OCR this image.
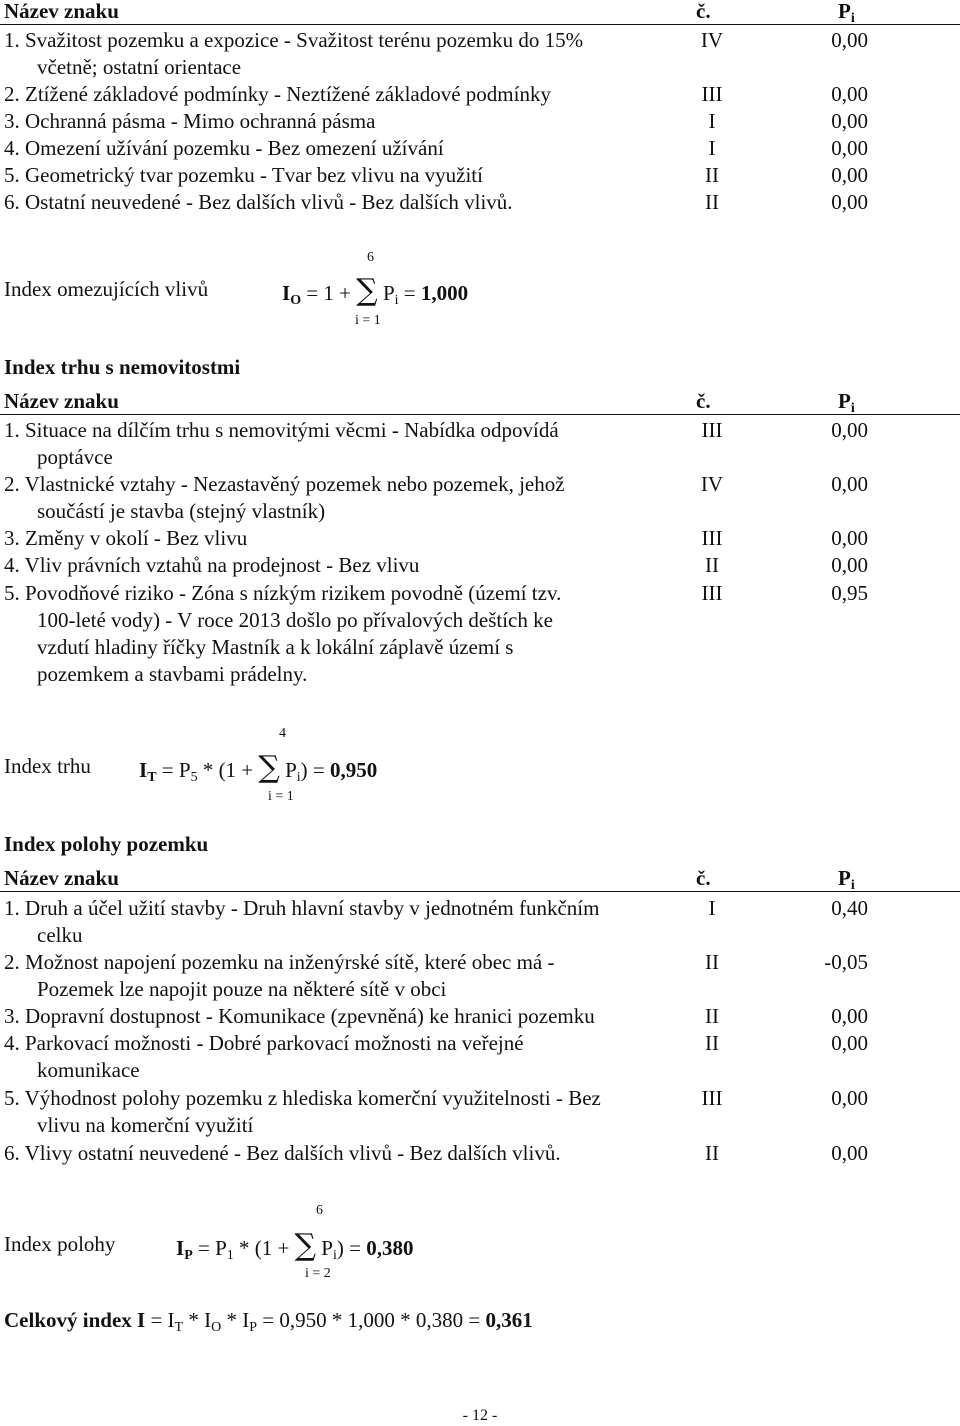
Název znaku	č.	$P_i$
1. Svažitost pozemku a expozice - Svažitost terénu pozemku do 15%	IV	0,00
včetně; ostatní orientace
2. Ztížené základové podmínky - Neztížené základové podmínky	III	0,00
3. Ochranná pásma - Mimo ochranná pásma	I	0,00
4. Omezení užívání pozemku - Bez omezení užívání	I	0,00
5. Geometrický tvar pozemku - Tvar bez vlivu na využití	II	0,00
6. Ostatní neuvedené - Bez dalších vlivů - Bez dalších vlivů.	II	0,00
6
Index omezujících vlivů	$I_O = 1$ + ∑ $P_i = 1,000$
i = 1
Index trhu s nemovitostmi
Název znaku	č.	$P_i$
1. Situace na dílčím trhu s nemovitými věcmi - Nabídka odpovídá	III	0,00
poptávce
2. Vlastnické vztahy - Nezastavěný pozemek nebo pozemek, jehož	IV	0,00
součástí je stavba (stejný vlastník)
3. Změny v okolí - Bez vlivu	III	0,00
4. Vliv právních vztahů na prodejnost - Bez vlivu	II	0,00
5. Povodňové riziko - Zóna s nízkým rizikem povodně (území tzv.	III	0,95
100-leté vody) - V roce 2013 došlo po přívalových deštích ke
vzdutí hladiny říčky Mastník a k lokální záplavě území s
pozemkem a stavbami prádelny.
4
Index trhu $I_T = P_5 * (1$ + ∑ $P_i) = 0,950$
i = 1
Index polohy pozemku
Název znaku	č.	$P_i$
1. Druh a účel užití stavby - Druh hlavní stavby v jednotném funkčním	I	0,40
celku
2. Možnost napojení pozemku na inženýrské sítě, které obec má -	II	-0,05
Pozemek lze napojit pouze na některé sítě v obci
3. Dopravní dostupnost - Komunikace (zpevněná) ke hranici pozemku	II	0,00
4. Parkovací možnosti - Dobré parkovací možnosti na veřejné	II	0,00
komunikace
5. Výhodnost polohy pozemku z hlediska komerční využitelnosti - Bez	III	0,00
vlivu na komerční využití
6. Vlivy ostatní neuvedené - Bez dalších vlivů - Bez dalších vlivů.	II	0,00
6
Index polohy	$I_P = P_1 * (1$ + ∑ $P_i) = 0,380$
i = 2
Celkový index $I = I_T * I_O * I_P = 0,950 * 1,000 * 0,380 = 0,361$
- 12 -
